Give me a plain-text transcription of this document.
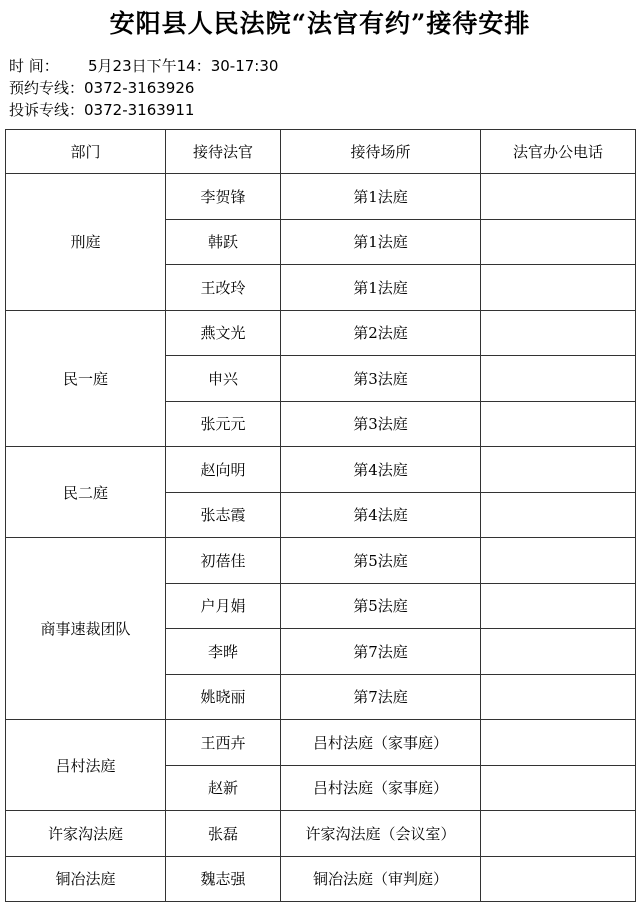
安阳县人民法院“法官有约”接待安排
时 间： 5月23日下午14：30-17:30
预约专线：0372-3163926
投诉专线：0372-3163911
部门	接待法官	接待场所	法官办公电话
刑庭	李贺锋	第1法庭	
	韩跃	第1法庭	
	王改玲	第1法庭	
民一庭	燕文光	第2法庭	
	申兴	第3法庭	
	张元元	第3法庭	
民二庭	赵向明	第4法庭	
	张志霞	第4法庭	
商事速裁团队	初蓓佳	第5法庭	
	户月娟	第5法庭	
	李晔	第7法庭	
	姚晓丽	第7法庭	
吕村法庭	王西卉	吕村法庭（家事庭）	
	赵新	吕村法庭（家事庭）	
许家沟法庭	张磊	许家沟法庭（会议室）	
铜冶法庭	魏志强	铜冶法庭（审判庭）	
